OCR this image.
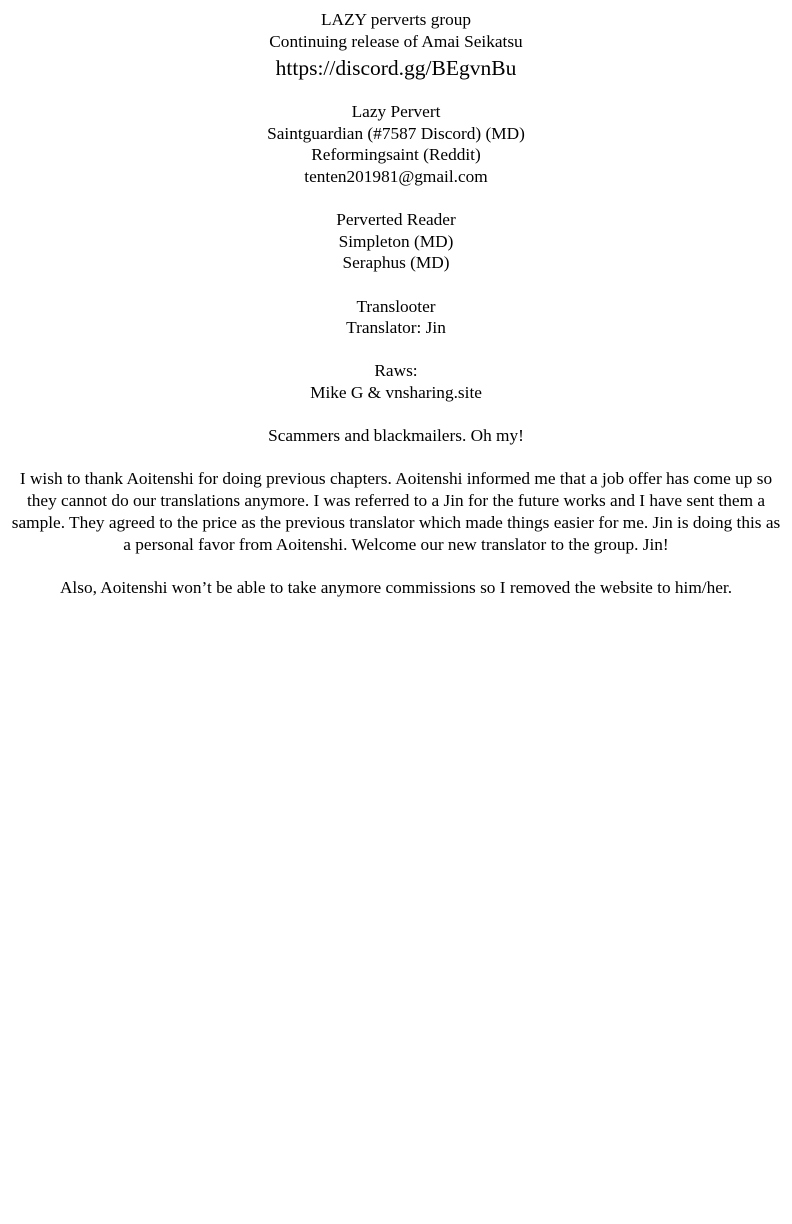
LAZY perverts group
Continuing release of Amai Seikatsu
https://discord.gg/BEgvnBu
Lazy Pervert
Saintguardian (#7587 Discord) (MD)
Reformingsaint (Reddit)
tenten201981@gmail.com
Perverted Reader
Simpleton (MD)
Seraphus (MD)
Translooter
Translator: Jin
Raws:
Mike G & vnsharing.site
Scammers and blackmailers. Oh my!

I wish to thank Aoitenshi for doing previous chapters. Aoitenshi informed me that a job offer has come up so they cannot do our translations anymore. I was referred to a Jin for the future works and I have sent them a sample. They agreed to the price as the previous translator which made things easier for me. Jin is doing this as a personal favor from Aoitenshi. Welcome our new translator to the group. Jin!

Also, Aoitenshi won’t be able to take anymore commissions so I removed the website to him/her.
